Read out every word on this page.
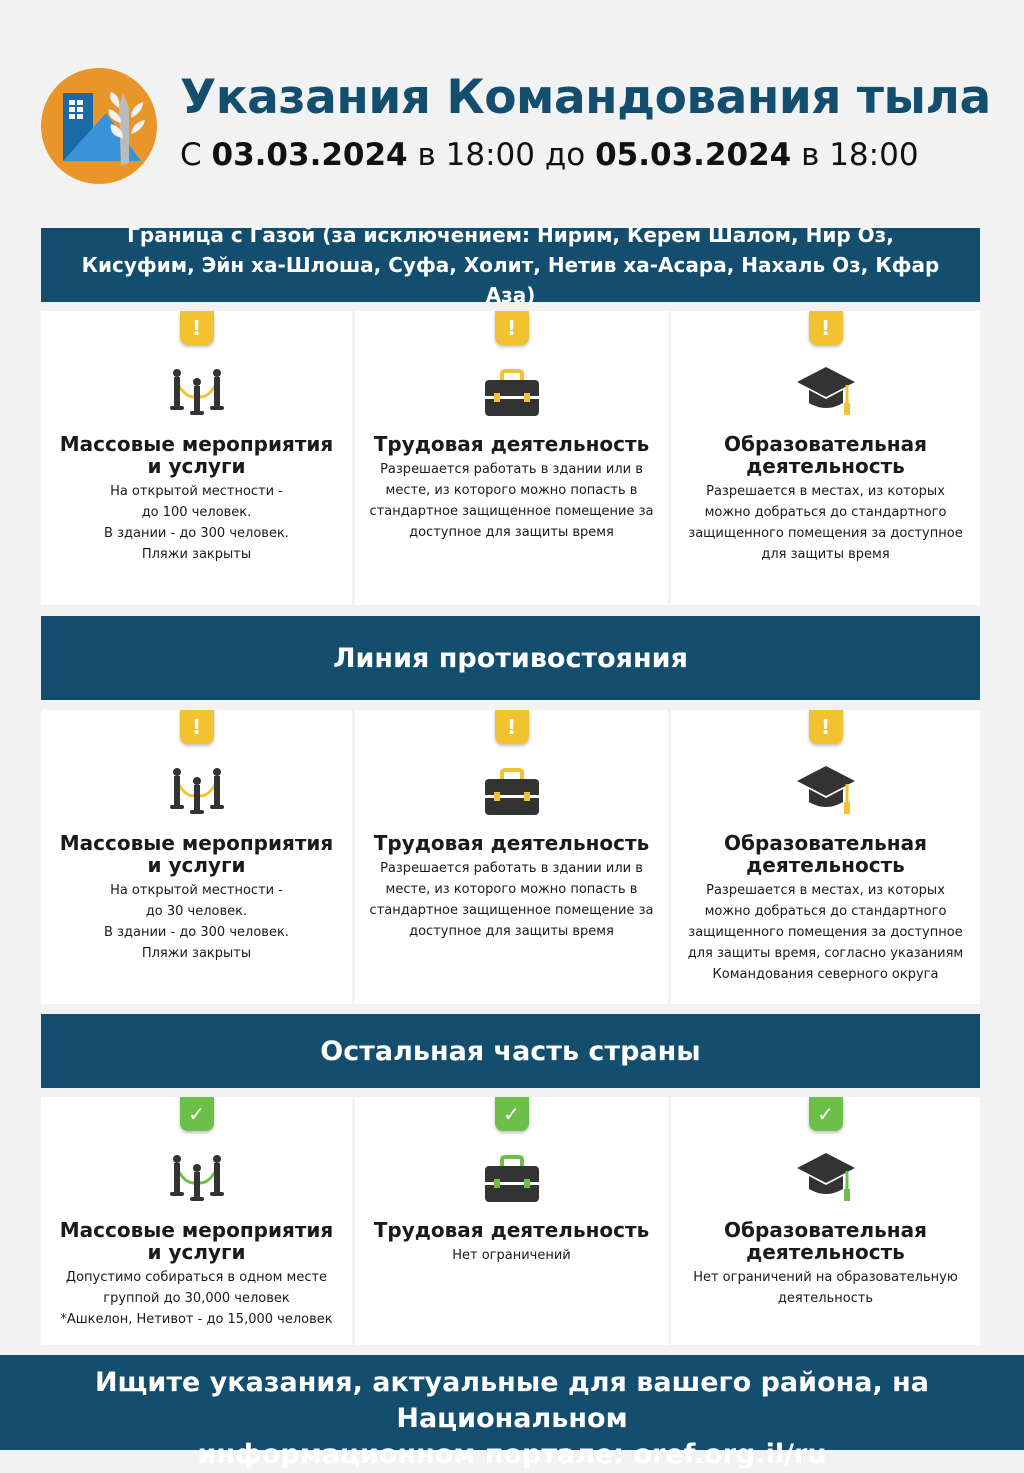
Указания Командования тыла
С 03.03.2024 в 18:00 до 05.03.2024 в 18:00
Граница с Газой (за исключением: Нирим, Керем Шалом, Нир Оз, Кисуфим, Эйн ха-Шлоша, Суфа, Холит, Нетив ха-Асара, Нахаль Оз, Кфар Аза)
!
Массовые мероприятия и услуги
На открытой местности -
до 100 человек.
В здании - до 300 человек.
Пляжи закрыты
!
Трудовая деятельность
Разрешается работать в здании или в месте, из которого можно попасть в стандартное защищенное помещение за доступное для защиты время
!
Образовательная деятельность
Разрешается в местах, из которых можно добраться до стандартного защищенного помещения за доступное для защиты время
Линия противостояния
!
Массовые мероприятия и услуги
На открытой местности -
до 30 человек.
В здании - до 300 человек.
Пляжи закрыты
!
Трудовая деятельность
Разрешается работать в здании или в месте, из которого можно попасть в стандартное защищенное помещение за доступное для защиты время
!
Образовательная деятельность
Разрешается в местах, из которых можно добраться до стандартного защищенного помещения за доступное для защиты время, согласно указаниям Командования северного округа
Остальная часть страны
✓
Массовые мероприятия и услуги
Допустимо собираться в одном месте группой до 30,000 человек
*Ашкелон, Нетивот - до 15,000 человек
✓
Трудовая деятельность
Нет ограничений
✓
Образовательная деятельность
Нет ограничений на образовательную деятельность
Ищите указания, актуальные для вашего района, на Национальном
информационном портале: oref.org.il/ru
